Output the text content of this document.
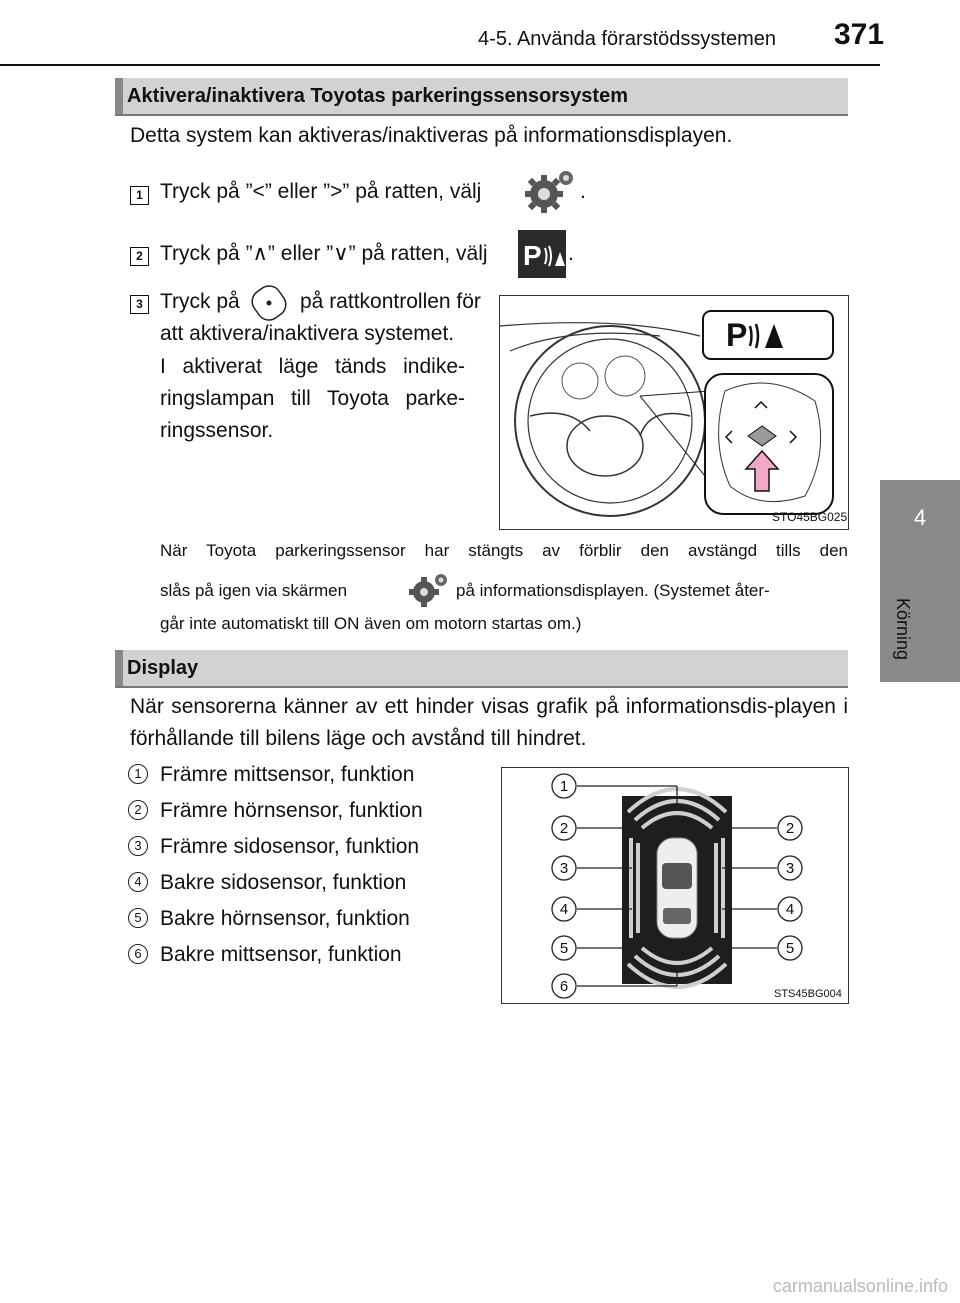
4-5. Använda förarstödssystemen 371
4
Körning
Aktivera/inaktivera Toyotas parkeringssensorsystem
Detta system kan aktiveras/inaktiveras på informationsdisplayen.
1 Tryck på ”<” eller ”>” på ratten, välj	.
2 Tryck på ”∧” eller ”∨” på ratten, välj P .
3 Tryck på	på rattkontrollen för att aktivera/inaktivera systemet.
I aktiverat läge tänds indike-ringslampan till Toyota parke-ringssensor.
P
STO45BG025
När Toyota parkeringssensor har stängts av förblir den avstängd tills den
slås på igen via skärmen	på informationsdisplayen. (Systemet åter-
går inte automatiskt till ON även om motorn startas om.)
Display
När sensorerna känner av ett hinder visas grafik på informationsdis-playen i förhållande till bilens läge och avstånd till hindret.
1 Främre mittsensor, funktion
2 Främre hörnsensor, funktion
3 Främre sidosensor, funktion
4 Bakre sidosensor, funktion
5 Bakre hörnsensor, funktion
6 Bakre mittsensor, funktion
1
2	2
3	3
4	4
5	5
6	STS45BG004
carmanualsonline.info
